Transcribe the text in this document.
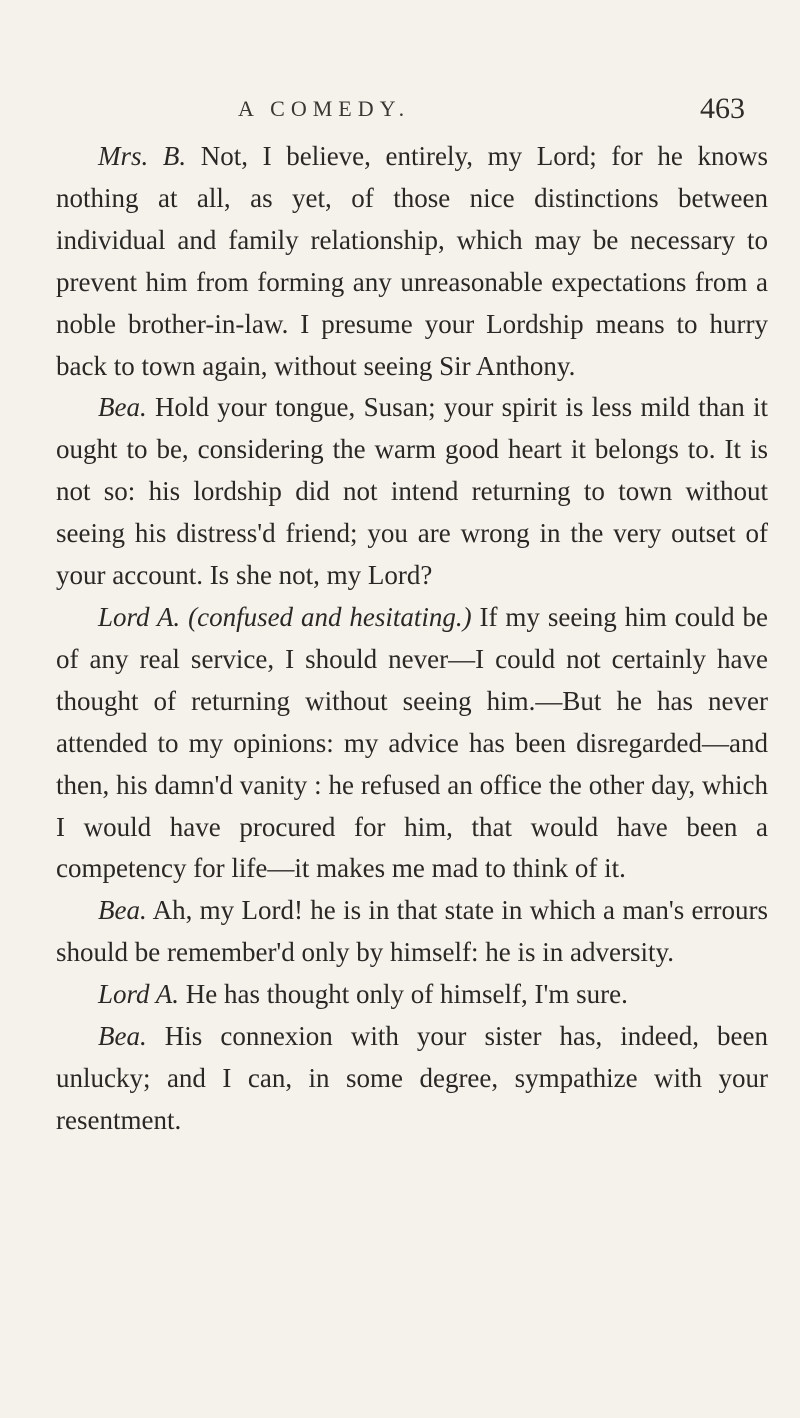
A COMEDY.	463

Mrs. B. Not, I believe, entirely, my Lord; for he knows nothing at all, as yet, of those nice distinctions between individual and family relationship, which may be necessary to prevent him from forming any unreasonable expectations from a noble brother-in-law. I presume your Lordship means to hurry back to town again, without seeing Sir Anthony.

Bea. Hold your tongue, Susan; your spirit is less mild than it ought to be, considering the warm good heart it belongs to. It is not so: his lordship did not intend returning to town without seeing his distress'd friend; you are wrong in the very outset of your account. Is she not, my Lord?

Lord A. (confused and hesitating.) If my seeing him could be of any real service, I should never—I could not certainly have thought of returning without seeing him.—But he has never attended to my opinions: my advice has been disregarded—and then, his damn'd vanity : he refused an office the other day, which I would have procured for him, that would have been a competency for life—it makes me mad to think of it.

Bea. Ah, my Lord! he is in that state in which a man's errours should be remember'd only by himself: he is in adversity.

Lord A. He has thought only of himself, I'm sure.

Bea. His connexion with your sister has, indeed, been unlucky; and I can, in some degree, sympathize with your resentment.
